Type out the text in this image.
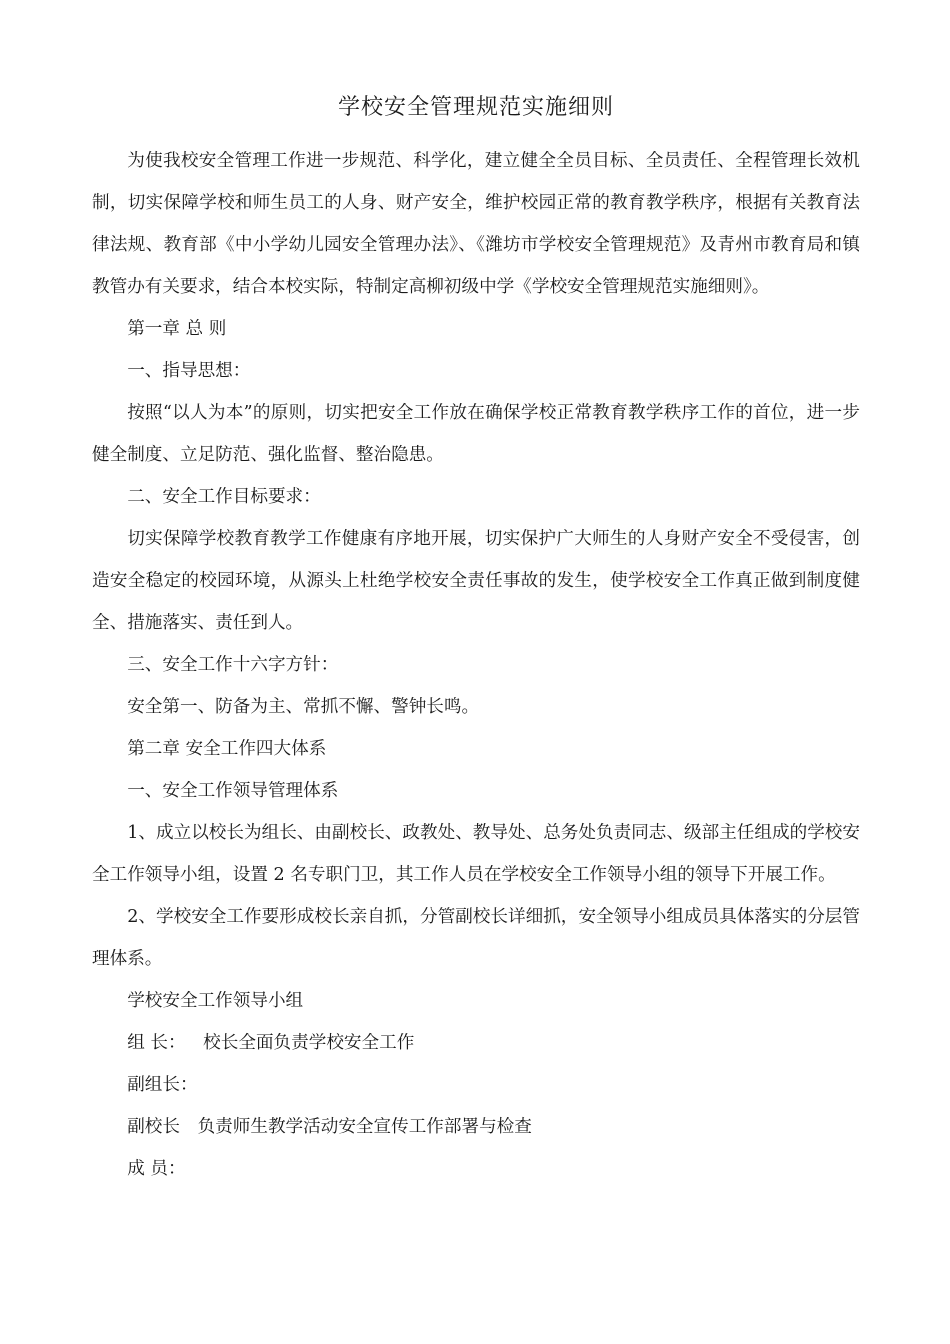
学校安全管理规范实施细则

为使我校安全管理工作进一步规范、科学化，建立健全全员目标、全员责任、全程管理长效机制，切实保障学校和师生员工的人身、财产安全，维护校园正常的教育教学秩序，根据有关教育法律法规、教育部《中小学幼儿园安全管理办法》、《潍坊市学校安全管理规范》及青州市教育局和镇教管办有关要求，结合本校实际，特制定高柳初级中学《学校安全管理规范实施细则》。

第一章 总 则

一、指导思想：

按照“以人为本”的原则，切实把安全工作放在确保学校正常教育教学秩序工作的首位，进一步健全制度、立足防范、强化监督、整治隐患。

二、安全工作目标要求：

切实保障学校教育教学工作健康有序地开展，切实保护广大师生的人身财产安全不受侵害，创造安全稳定的校园环境，从源头上杜绝学校安全责任事故的发生，使学校安全工作真正做到制度健全、措施落实、责任到人。

三、安全工作十六字方针：

安全第一、防备为主、常抓不懈、警钟长鸣。

第二章 安全工作四大体系

一、安全工作领导管理体系

1、成立以校长为组长、由副校长、政教处、教导处、总务处负责同志、级部主任组成的学校安全工作领导小组，设置 2 名专职门卫，其工作人员在学校安全工作领导小组的领导下开展工作。

2、学校安全工作要形成校长亲自抓，分管副校长详细抓，安全领导小组成员具体落实的分层管理体系。

学校安全工作领导小组

组 长： 校长全面负责学校安全工作
副组长：
副校长 负责师生教学活动安全宣传工作部署与检查
成 员：
